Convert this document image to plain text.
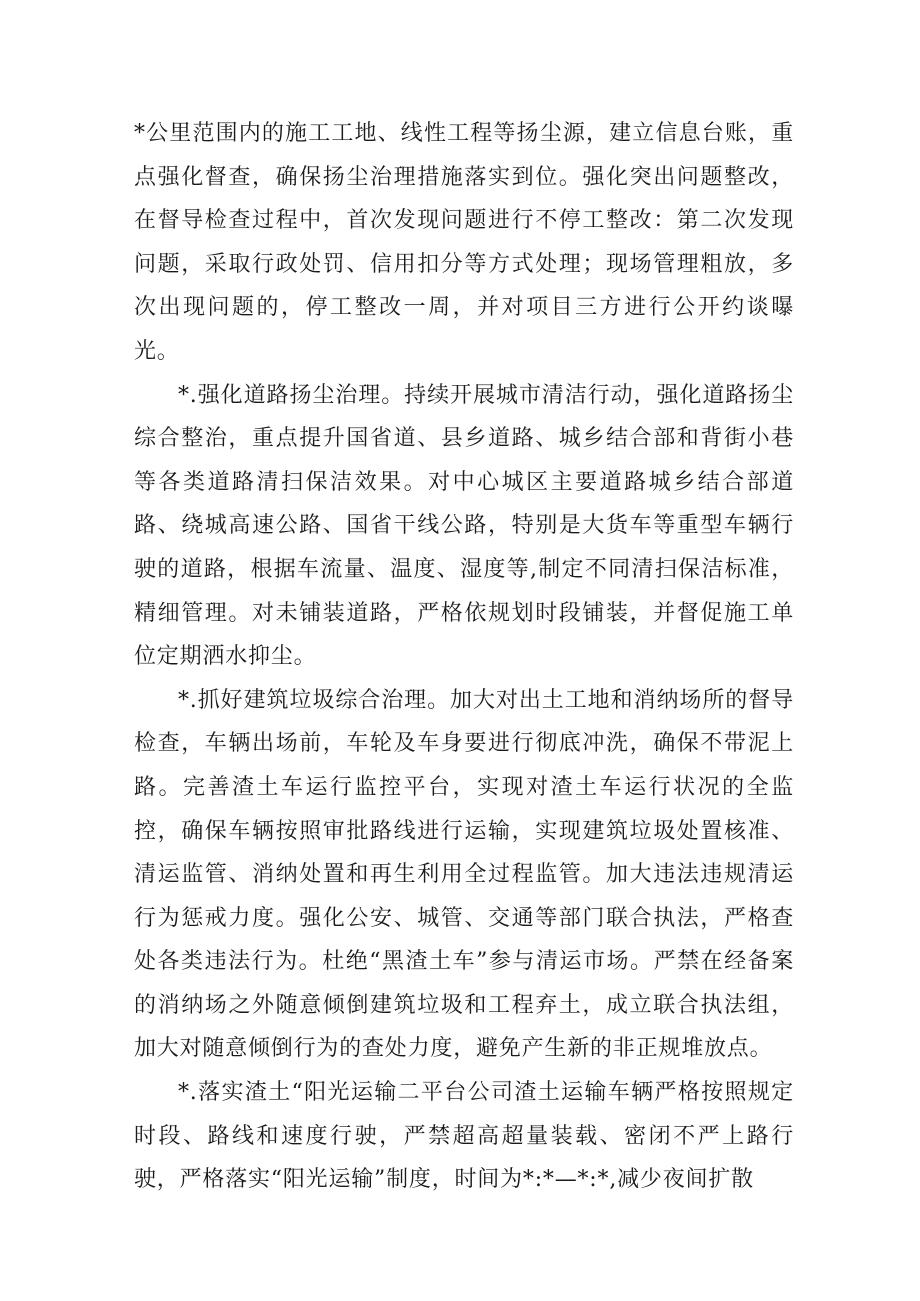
*公里范围内的施工工地、线性工程等扬尘源，建立信息台账，重点强化督查，确保扬尘治理措施落实到位。强化突出问题整改，在督导检查过程中，首次发现问题进行不停工整改：第二次发现问题，采取行政处罚、信用扣分等方式处理；现场管理粗放，多次出现问题的，停工整改一周，并对项目三方进行公开约谈曝光。

*.强化道路扬尘治理。持续开展城市清洁行动，强化道路扬尘综合整治，重点提升国省道、县乡道路、城乡结合部和背街小巷等各类道路清扫保洁效果。对中心城区主要道路城乡结合部道路、绕城高速公路、国省干线公路，特别是大货车等重型车辆行驶的道路，根据车流量、温度、湿度等,制定不同清扫保洁标准，精细管理。对未铺装道路，严格依规划时段铺装，并督促施工单位定期洒水抑尘。

*.抓好建筑垃圾综合治理。加大对出土工地和消纳场所的督导检查，车辆出场前，车轮及车身要进行彻底冲洗，确保不带泥上路。完善渣土车运行监控平台，实现对渣土车运行状况的全监控，确保车辆按照审批路线进行运输，实现建筑垃圾处置核准、清运监管、消纳处置和再生利用全过程监管。加大违法违规清运行为惩戒力度。强化公安、城管、交通等部门联合执法，严格查处各类违法行为。杜绝“黑渣土车”参与清运市场。严禁在经备案的消纳场之外随意倾倒建筑垃圾和工程弃土，成立联合执法组，加大对随意倾倒行为的查处力度，避免产生新的非正规堆放点。

*.落实渣土“阳光运输二平台公司渣土运输车辆严格按照规定时段、路线和速度行驶，严禁超高超量装载、密闭不严上路行驶，严格落实“阳光运输”制度，时间为*:*—*:*,减少夜间扩散
